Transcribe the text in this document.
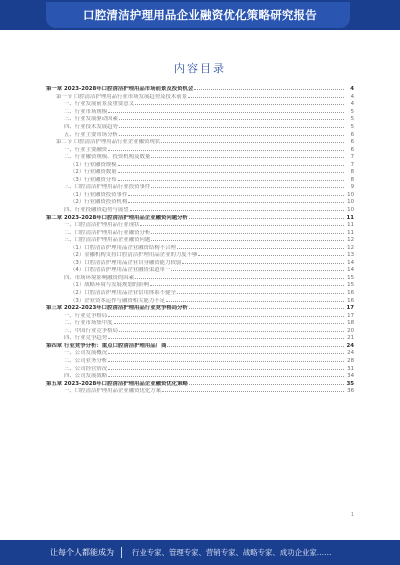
口腔清洁护理用品企业融资优化策略研究报告
内容目录
第一章 2023-2028年口腔清洁护理用品市场前景及投资机会	4
第一节 口腔清洁护理用品行业市场发展趋势及技术前景	4
一、行业发展前景及重要意义	4
二、行业市场规模	5
三、行业发展驱动因素	5
四、行业技术发展趋势	5
五、行业主要市场分析	6
第二节 口腔清洁护理用品行业企业融资现状	6
一、行业主要融资	6
二、行业融资规模、投资机构及数量	7
（1）行业融资规模	7
（2）行业融资数量	8
（3）行业融资分布	8
三、口腔清洁护理用品行业投资事件	9
（1）行业融资投资事件	10
（2）行业融资投资机构	10
四、行业投融资趋势与展望	10
第二章 2023-2028年口腔清洁护理用品企业融资问题分析	11
一、口腔清洁护理用品行业现状	11
二、口腔清洁护理用品行业融资分析	11
三、口腔清洁护理用品企业融资问题	12
（1）口腔清洁护理用品企业融资结构不合理	12
（2）金融机构支持口腔清洁护理用品企业的力度不够	13
（3）口腔清洁护理用品企业自身融资能力较弱	14
（4）口腔清洁护理用品企业融资渠道单一	14
四、市场环境影响融资的因素	15
（1）战略环境与发展规划的影响	15
（2）口腔清洁护理用品企业信用体系不健全	16
（3）企业资本运作与融资相关能力不足	16
第三章 2022-2023年口腔清洁护理用品行业竞争格局分析	17
一、行业竞争格局	17
二、行业市场集中度	18
三、中国行业竞争格局	20
四、行业竞争趋势	21
第四章 行业竞争分析：重点口腔清洁护理用品厂商	24
一、公司发展概况	24
二、公司业务分析	28
三、公司经营情况	31
四、公司发展战略	34
第五章 2023-2028年口腔清洁护理用品企业融资优化策略	35
一、口腔清洁护理用品企业融资优化方案	36
1
让每个人都能成为 行业专家、管理专家、营销专家、战略专家、成功企业家……
